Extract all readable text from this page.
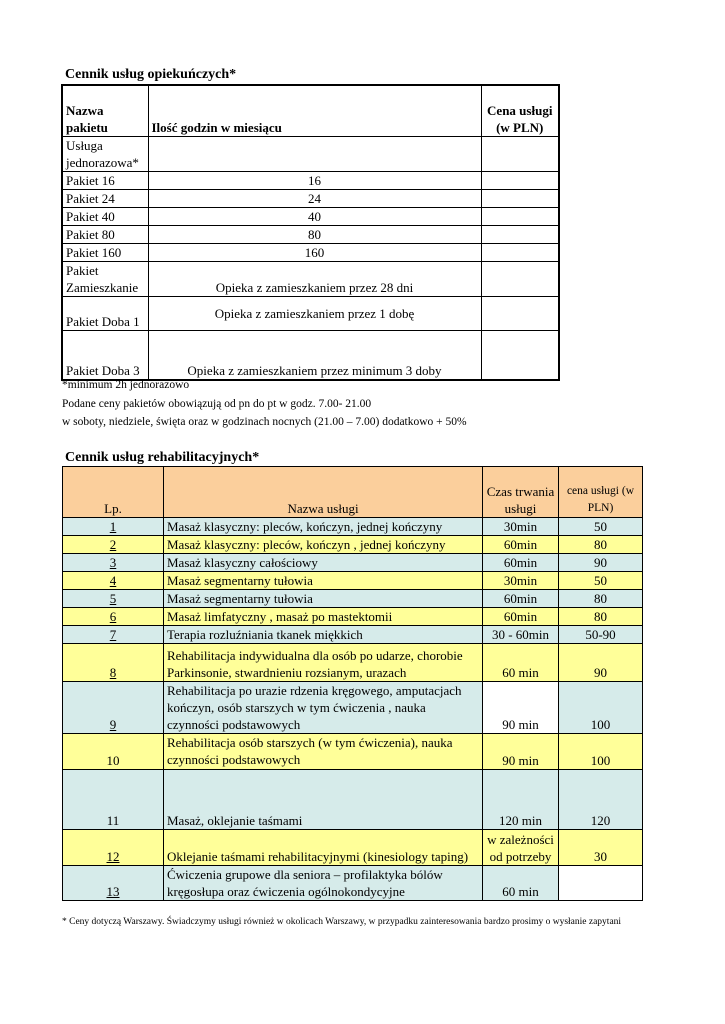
Cennik usług opiekuńczych*
Nazwa pakietu	Ilość godzin w miesiącu	Cena usługi
(w PLN)
Usługa jednorazowa*		
Pakiet 16	16	
Pakiet 24	24	
Pakiet 40	40	
Pakiet 80	80	
Pakiet 160	160	
Pakiet Zamieszkanie	Opieka z zamieszkaniem przez 28 dni	
Pakiet Doba 1	Opieka z zamieszkaniem przez 1 dobę	
Pakiet Doba 3	Opieka z zamieszkaniem przez minimum 3 doby	
*minimum 2h jednorazowo
Podane ceny pakietów obowiązują od pn do pt w godz. 7.00- 21.00
w soboty, niedziele, święta oraz w godzinach nocnych (21.00 – 7.00) dodatkowo + 50%
Cennik usług rehabilitacyjnych*
Lp.	Nazwa usługi	Czas trwania usługi	cena usługi (w PLN)
1	Masaż klasyczny: pleców, kończyn, jednej kończyny	30min	50
2	Masaż klasyczny: pleców, kończyn , jednej kończyny	60min	80
3	Masaż klasyczny całościowy	60min	90
4	Masaż segmentarny tułowia	30min	50
5	Masaż segmentarny tułowia	60min	80
6	Masaż limfatyczny , masaż po mastektomii	60min	80
7	Terapia rozluźniania tkanek miękkich	30 - 60min	50-90
8	Rehabilitacja indywidualna dla osób po udarze, chorobie Parkinsonie, stwardnieniu rozsianym, urazach	60 min	90
9	Rehabilitacja po urazie rdzenia kręgowego, amputacjach kończyn, osób starszych w tym ćwiczenia , nauka czynności podstawowych	90 min	100
10	Rehabilitacja osób starszych (w tym ćwiczenia), nauka czynności podstawowych	90 min	100
11	Masaż, oklejanie taśmami	120 min	120
12	Oklejanie taśmami rehabilitacyjnymi (kinesiology taping)	w zależności od potrzeby	30
13	Ćwiczenia grupowe dla seniora – profilaktyka bólów kręgosłupa oraz ćwiczenia ogólnokondycyjne	60 min	
* Ceny dotyczą Warszawy. Świadczymy usługi również w okolicach Warszawy, w przypadku zainteresowania bardzo prosimy o wysłanie zapytani
